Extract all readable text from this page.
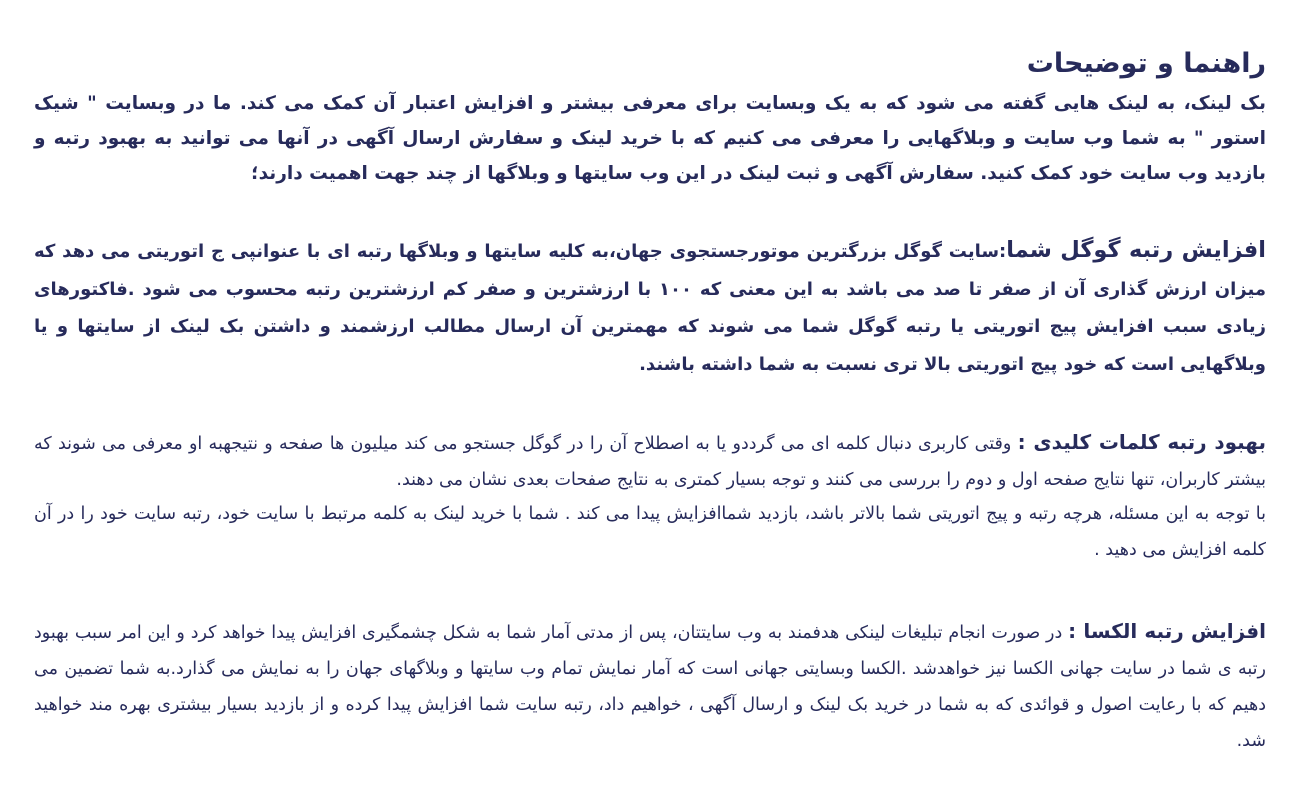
راهنما و توضیحات

بک لینک، به لینک هایی گفته می شود که به یک وبسایت برای معرفی بیشتر و افزایش اعتبار آن کمک می کند. ما در وبسایت " شیک استور " به شما وب سایت و وبلاگهایی را معرفی می کنیم که با خرید لینک و سفارش ارسال آگهی در آنها می توانید به بهبود رتبه و بازدید وب سایت خود کمک کنید. سفارش آگهی و ثبت لینک در این وب سایتها و وبلاگها از چند جهت اهمیت دارند؛

افزایش رتبه گوگل شما:سایت گوگل بزرگترین موتورجستجوی جهان،به کلیه سایتها و وبلاگها رتبه ای با عنوانپی ج اتوریتی می دهد که میزان ارزش گذاری آن از صفر تا صد می باشد به این معنی که ۱۰۰ با ارزشترین و صفر کم ارزشترین رتبه محسوب می شود .فاکتورهای زیادی سبب افزایش پیج اتوریتی یا رتبه گوگل شما می شوند که مهمترین آن ارسال مطالب ارزشمند و داشتن بک لینک از سایتها و یا وبلاگهایی است که خود پیج اتوریتی بالا تری نسبت به شما داشته باشند.

بهبود رتبه کلمات کلیدی : وقتی کاربری دنبال کلمه ای می گرددو یا به اصطلاح آن را در گوگل جستجو می کند میلیون ها صفحه و نتیجهبه او معرفی می شوند که بیشتر کاربران، تنها نتایج صفحه اول و دوم را بررسی می کنند و توجه بسیار کمتری به نتایج صفحات بعدی نشان می دهند.

با توجه به این مسئله، هرچه رتبه و پیج اتوریتی شما بالاتر باشد، بازدید شماافزایش پیدا می کند . شما با خرید لینک به کلمه مرتبط با سایت خود، رتبه سایت خود را در آن کلمه افزایش می دهید .

افزایش رتبه الکسا : در صورت انجام تبلیغات لینکی هدفمند به وب سایتتان، پس از مدتی آمار شما به شکل چشمگیری افزایش پیدا خواهد کرد و این امر سبب بهبود رتبه ی شما در سایت جهانی الکسا نیز خواهدشد .الکسا وبسایتی جهانی است که آمار نمایش تمام وب سایتها و وبلاگهای جهان را به نمایش می گذارد.به شما تضمین می دهیم که با رعایت اصول و قوائدی که به شما در خرید بک لینک و ارسال آگهی ، خواهیم داد، رتبه سایت شما افزایش پیدا کرده و از بازدید بسیار بیشتری بهره مند خواهید شد.
